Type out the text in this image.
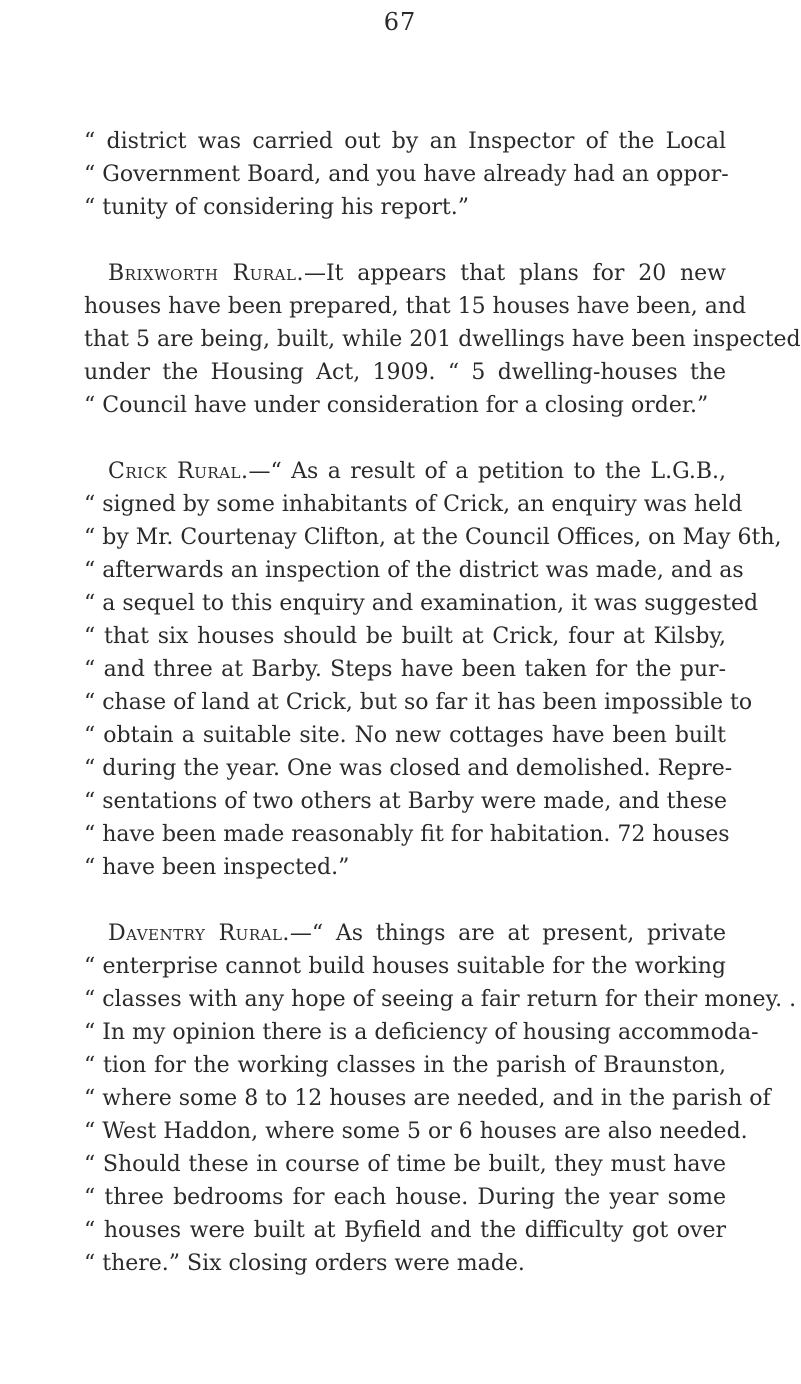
67
“ district was carried out by an Inspector of the Local
“ Government Board, and you have already had an oppor-
“ tunity of considering his report.”
Brixworth Rural.—It appears that plans for 20 new
houses have been prepared, that 15 houses have been, and
that 5 are being, built, while 201 dwellings have been inspected
under the Housing Act, 1909. “ 5 dwelling-houses the
“ Council have under consideration for a closing order.”
Crick Rural.—“ As a result of a petition to the L.G.B.,
“ signed by some inhabitants of Crick, an enquiry was held
“ by Mr. Courtenay Clifton, at the Council Offices, on May 6th,
“ afterwards an inspection of the district was made, and as
“ a sequel to this enquiry and examination, it was suggested
“ that six houses should be built at Crick, four at Kilsby,
“ and three at Barby. Steps have been taken for the pur-
“ chase of land at Crick, but so far it has been impossible to
“ obtain a suitable site. No new cottages have been built
“ during the year. One was closed and demolished. Repre-
“ sentations of two others at Barby were made, and these
“ have been made reasonably fit for habitation. 72 houses
“ have been inspected.”
Daventry Rural.—“ As things are at present, private
“ enterprise cannot build houses suitable for the working
“ classes with any hope of seeing a fair return for their money. .
“ In my opinion there is a deficiency of housing accommoda-
“ tion for the working classes in the parish of Braunston,
“ where some 8 to 12 houses are needed, and in the parish of
“ West Haddon, where some 5 or 6 houses are also needed.
“ Should these in course of time be built, they must have
“ three bedrooms for each house. During the year some
“ houses were built at Byfield and the difficulty got over
“ there.” Six closing orders were made.
